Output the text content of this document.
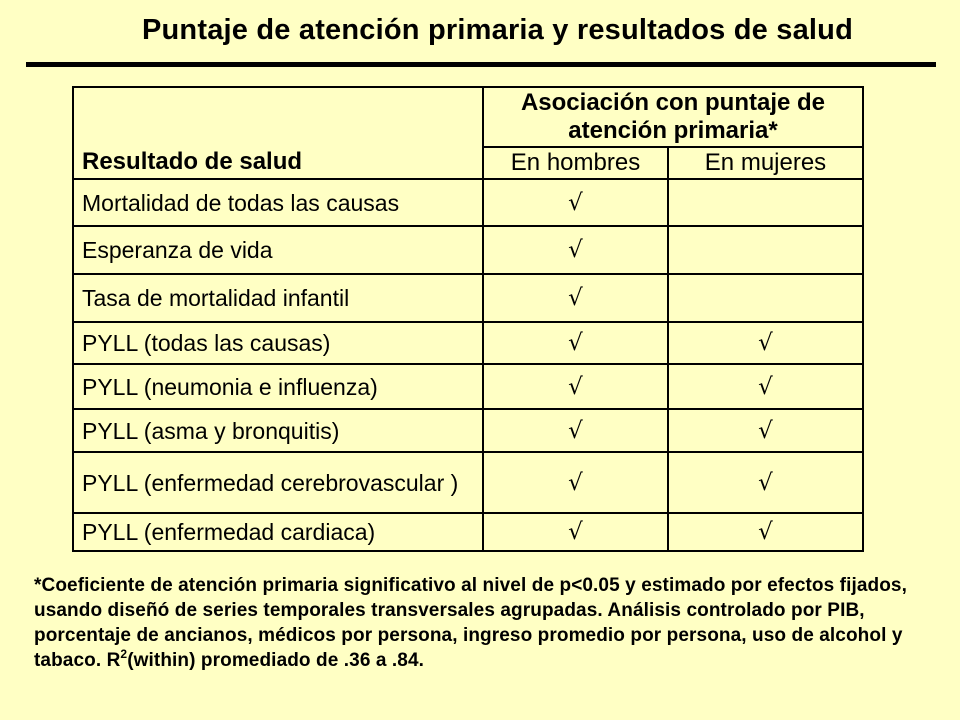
Puntaje de atención primaria y resultados de salud
Resultado de salud	Asociación con puntaje de atención primaria*	
	En hombres	En mujeres
Mortalidad de todas las causas	√	
Esperanza de vida	√	
Tasa de mortalidad infantil	√	
PYLL (todas las causas)	√	√
PYLL (neumonia e influenza)	√	√
PYLL (asma y bronquitis)	√	√
PYLL (enfermedad cerebrovascular )	√	√
PYLL (enfermedad cardiaca)	√	√
*Coeficiente de atención primaria significativo al nivel de p<0.05 y estimado por efectos fijados, usando diseñó de series temporales transversales agrupadas. Análisis controlado por PIB, porcentaje de ancianos, médicos por persona, ingreso promedio por persona, uso de alcohol y tabaco. $R^2(within)$ promediado de .36 a .84.
